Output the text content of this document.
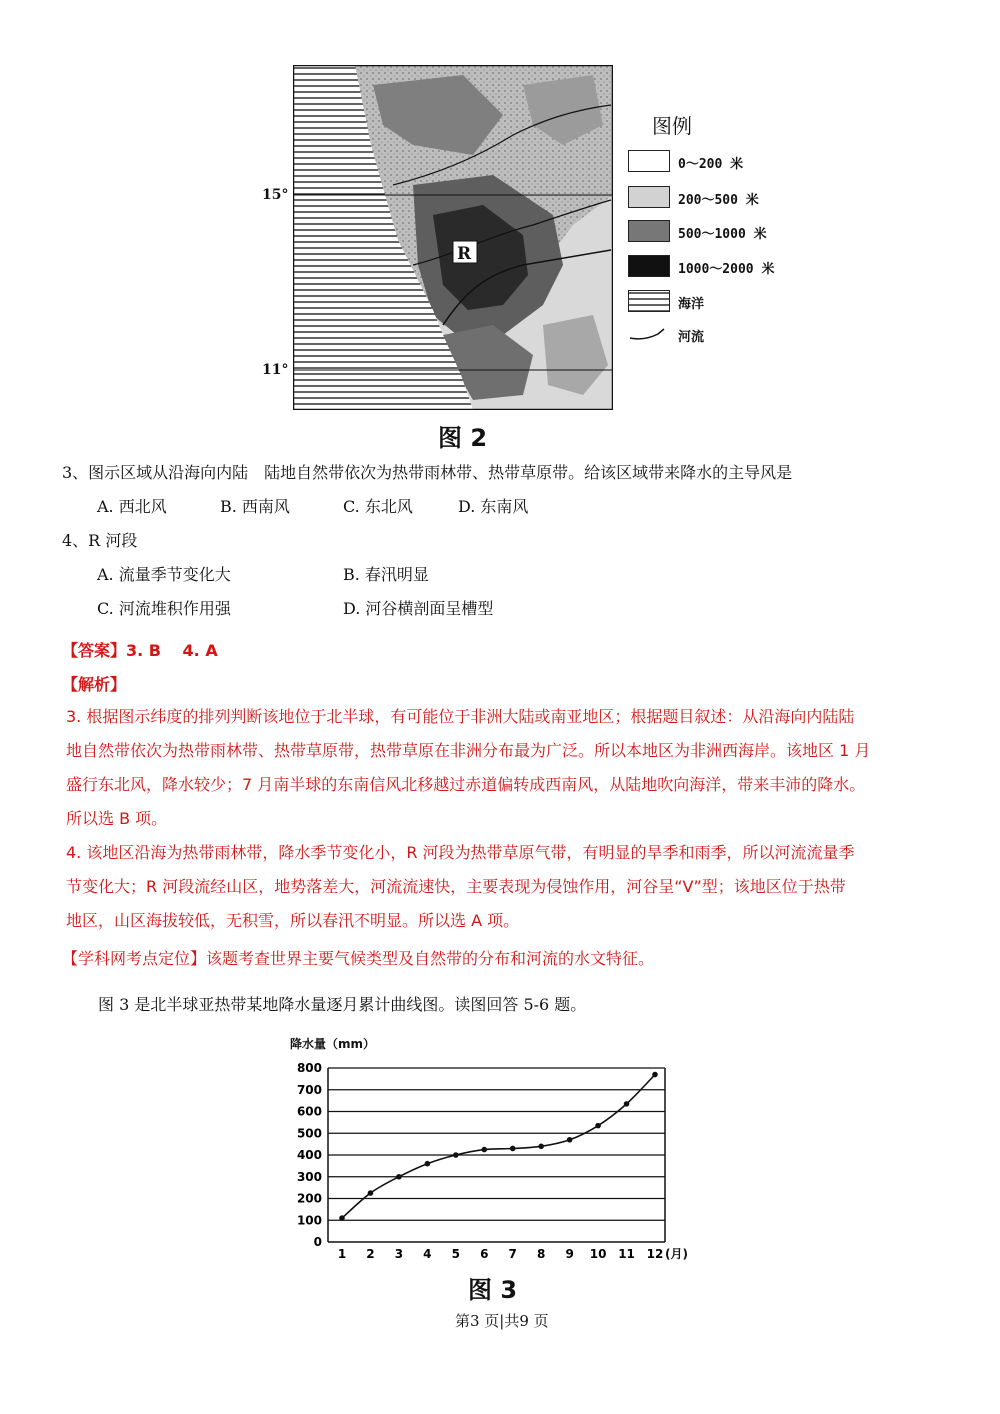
R
15°
11°
图例
0～200 米
200～500 米
500～1000 米
1000～2000 米
海洋
河流
图 2
3、图示区域从沿海向内陆　陆地自然带依次为热带雨林带、热带草原带。给该区域带来降水的主导风是
A. 西北风	B. 西南风	C. 东北风	D. 东南风
4、R 河段
A. 流量季节变化大	B. 春汛明显
C. 河流堆积作用强	D. 河谷横剖面呈槽型
【答案】3. B　 4. A
【解析】
3. 根据图示纬度的排列判断该地位于北半球，有可能位于非洲大陆或南亚地区；根据题目叙述：从沿海向内陆陆
地自然带依次为热带雨林带、热带草原带，热带草原在非洲分布最为广泛。所以本地区为非洲西海岸。该地区 1 月
盛行东北风，降水较少；7 月南半球的东南信风北移越过赤道偏转成西南风，从陆地吹向海洋，带来丰沛的降水。
所以选 B 项。
4. 该地区沿海为热带雨林带，降水季节变化小，R 河段为热带草原气带，有明显的旱季和雨季，所以河流流量季
节变化大；R 河段流经山区，地势落差大，河流流速快，主要表现为侵蚀作用，河谷呈“V”型；该地区位于热带
地区，山区海拔较低，无积雪，所以春汛不明显。所以选 A 项。
【学科网考点定位】该题考查世界主要气候类型及自然带的分布和河流的水文特征。
图 3 是北半球亚热带某地降水量逐月累计曲线图。读图回答 5-6 题。
降水量（mm）
0
100
200
300
400
500
600
700
800
1 2 3 4 5 6 7 8 9 10 11 12 (月)
图 3
第3 页|共9 页
